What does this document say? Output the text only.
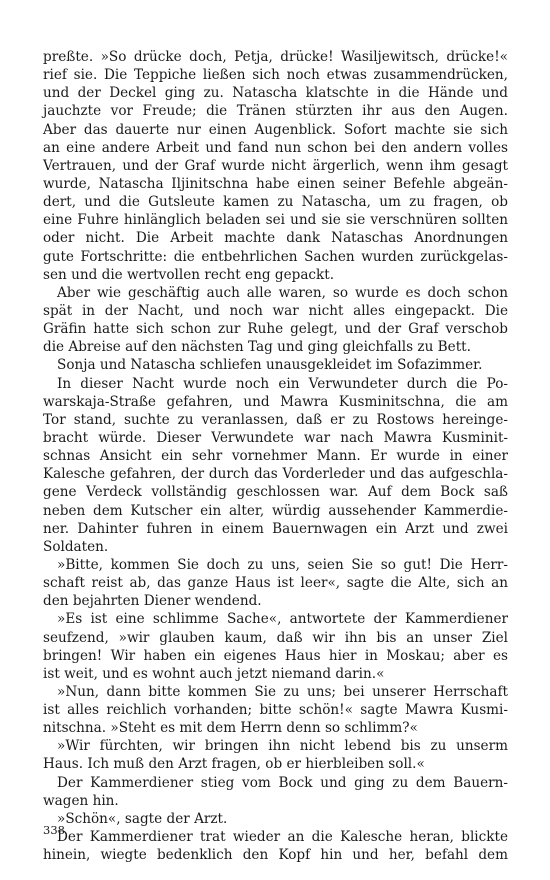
preßte. »So drücke doch, Petja, drücke! Wasiljewitsch, drücke!«
rief sie. Die Teppiche ließen sich noch etwas zusammendrücken,
und der Deckel ging zu. Natascha klatschte in die Hände und
jauchzte vor Freude; die Tränen stürzten ihr aus den Augen.
Aber das dauerte nur einen Augenblick. Sofort machte sie sich
an eine andere Arbeit und fand nun schon bei den andern volles
Vertrauen, und der Graf wurde nicht ärgerlich, wenn ihm gesagt
wurde, Natascha Iljinitschna habe einen seiner Befehle abgeän-
dert, und die Gutsleute kamen zu Natascha, um zu fragen, ob
eine Fuhre hinlänglich beladen sei und sie sie verschnüren sollten
oder nicht. Die Arbeit machte dank Nataschas Anordnungen
gute Fortschritte: die entbehrlichen Sachen wurden zurückgelas-
sen und die wertvollen recht eng gepackt.
Aber wie geschäftig auch alle waren, so wurde es doch schon
spät in der Nacht, und noch war nicht alles eingepackt. Die
Gräfin hatte sich schon zur Ruhe gelegt, und der Graf verschob
die Abreise auf den nächsten Tag und ging gleichfalls zu Bett.
Sonja und Natascha schliefen unausgekleidet im Sofazimmer.
In dieser Nacht wurde noch ein Verwundeter durch die Po-
warskaja-Straße gefahren, und Mawra Kusminitschna, die am
Tor stand, suchte zu veranlassen, daß er zu Rostows hereinge-
bracht würde. Dieser Verwundete war nach Mawra Kusminit-
schnas Ansicht ein sehr vornehmer Mann. Er wurde in einer
Kalesche gefahren, der durch das Vorderleder und das aufgeschla-
gene Verdeck vollständig geschlossen war. Auf dem Bock saß
neben dem Kutscher ein alter, würdig aussehender Kammerdie-
ner. Dahinter fuhren in einem Bauernwagen ein Arzt und zwei
Soldaten.
»Bitte, kommen Sie doch zu uns, seien Sie so gut! Die Herr-
schaft reist ab, das ganze Haus ist leer«, sagte die Alte, sich an
den bejahrten Diener wendend.
»Es ist eine schlimme Sache«, antwortete der Kammerdiener
seufzend, »wir glauben kaum, daß wir ihn bis an unser Ziel
bringen! Wir haben ein eigenes Haus hier in Moskau; aber es
ist weit, und es wohnt auch jetzt niemand darin.«
»Nun, dann bitte kommen Sie zu uns; bei unserer Herrschaft
ist alles reichlich vorhanden; bitte schön!« sagte Mawra Kusmi-
nitschna. »Steht es mit dem Herrn denn so schlimm?«
»Wir fürchten, wir bringen ihn nicht lebend bis zu unserm
Haus. Ich muß den Arzt fragen, ob er hierbleiben soll.«
Der Kammerdiener stieg vom Bock und ging zu dem Bauern-
wagen hin.
»Schön«, sagte der Arzt.
Der Kammerdiener trat wieder an die Kalesche heran, blickte
hinein, wiegte bedenklich den Kopf hin und her, befahl dem
338
